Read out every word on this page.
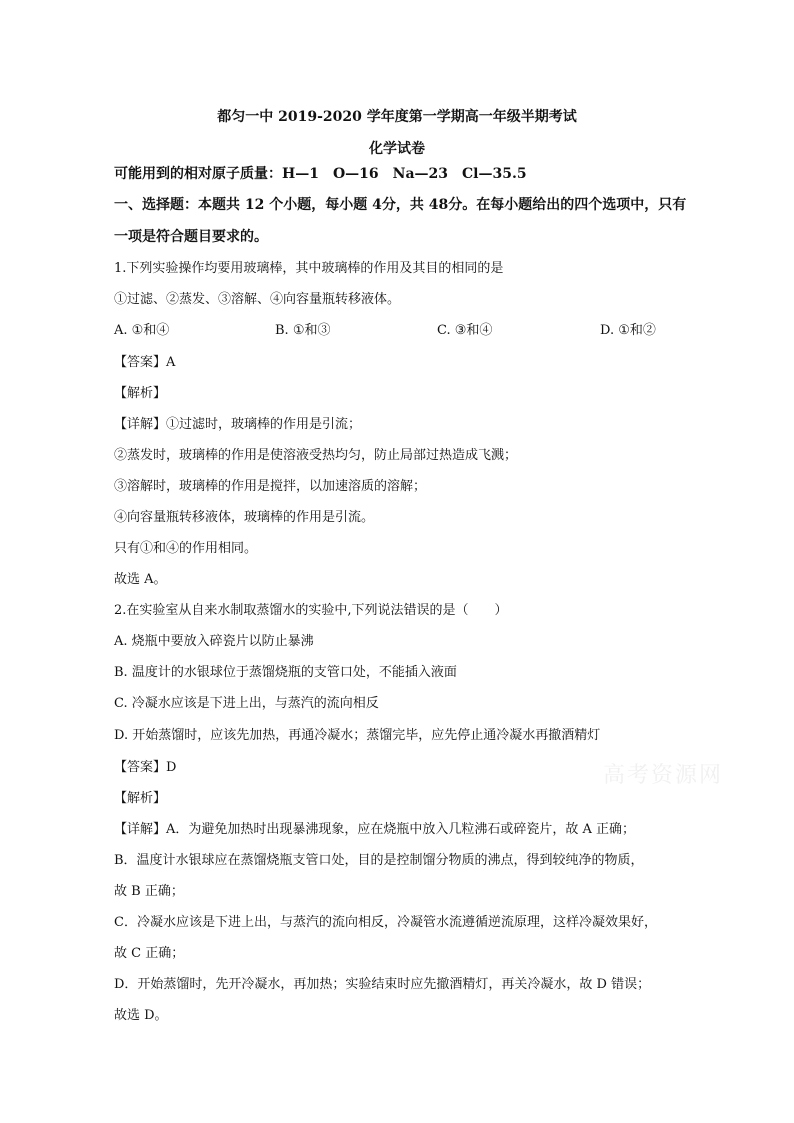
都匀一中 2019-2020 学年度第一学期高一年级半期考试
化学试卷
可能用到的相对原子质量：H—1　O—16　Na—23　Cl—35.5
一、选择题：本题共 12 个小题，每小题 4分，共 48分。在每小题给出的四个选项中，只有
一项是符合题目要求的。
1.下列实验操作均要用玻璃棒，其中玻璃棒的作用及其目的相同的是
①过滤、②蒸发、③溶解、④向容量瓶转移液体。
A. ①和④	B. ①和③	C. ③和④	D. ①和②
【答案】A
【解析】
【详解】①过滤时，玻璃棒的作用是引流；
②蒸发时，玻璃棒的作用是使溶液受热均匀，防止局部过热造成飞溅；
③溶解时，玻璃棒的作用是搅拌，以加速溶质的溶解；
④向容量瓶转移液体，玻璃棒的作用是引流。
只有①和④的作用相同。
故选 A。
2.在实验室从自来水制取蒸馏水的实验中,下列说法错误的是（　　）
A. 烧瓶中要放入碎瓷片以防止暴沸
B. 温度计的水银球位于蒸馏烧瓶的支管口处，不能插入液面
C. 冷凝水应该是下进上出，与蒸汽的流向相反
D. 开始蒸馏时，应该先加热，再通冷凝水；蒸馏完毕，应先停止通冷凝水再撤酒精灯
【答案】D
【解析】
【详解】A．为避免加热时出现暴沸现象，应在烧瓶中放入几粒沸石或碎瓷片，故 A 正确；
B．温度计水银球应在蒸馏烧瓶支管口处，目的是控制馏分物质的沸点，得到较纯净的物质，
故 B 正确；
C．冷凝水应该是下进上出，与蒸汽的流向相反，冷凝管水流遵循逆流原理，这样冷凝效果好，
故 C 正确；
D．开始蒸馏时，先开冷凝水，再加热；实验结束时应先撤酒精灯，再关冷凝水，故 D 错误；
故选 D。
高考资源网
